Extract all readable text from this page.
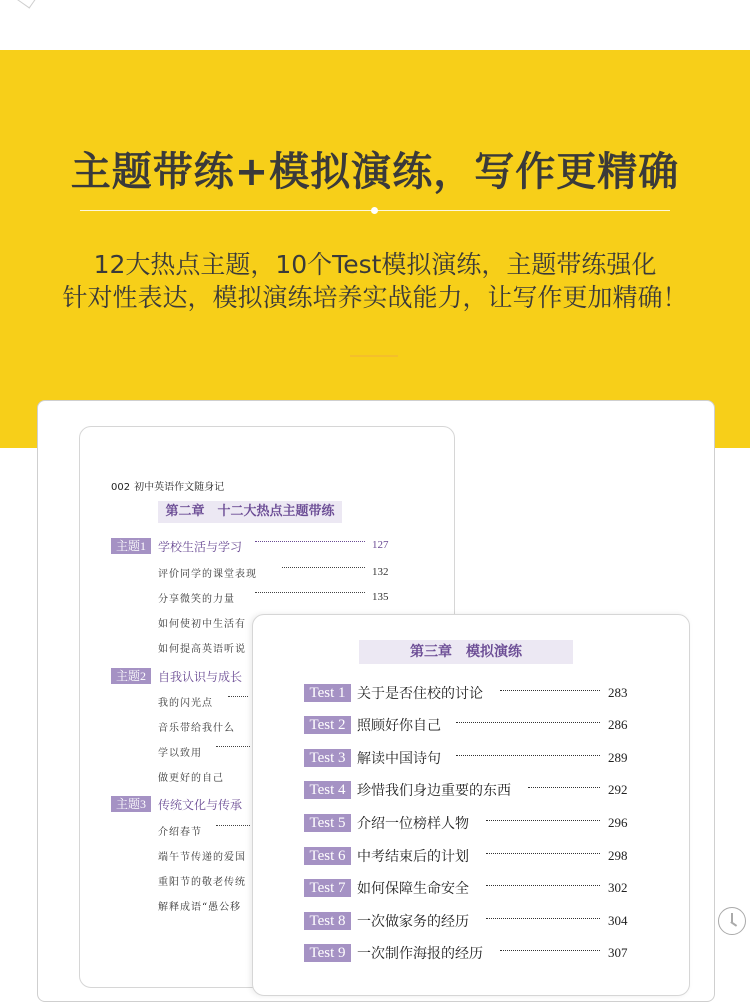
主题带练+模拟演练，写作更精确
12大热点主题，10个Test模拟演练，主题带练强化
针对性表达，模拟演练培养实战能力，让写作更加精确！
002 初中英语作文随身记
第二章　十二大热点主题带练
主题1	学校生活与学习	127
评价同学的课堂表现	132
分享微笑的力量	135
如何使初中生活有
如何提高英语听说
主题2	自我认识与成长
我的闪光点
音乐带给我什么
学以致用
做更好的自己
主题3	传统文化与传承
介绍春节
端午节传递的爱国
重阳节的敬老传统
解释成语“愚公移
第三章　模拟演练
Test 1 关于是否住校的讨论	283
Test 2 照顾好你自己	286
Test 3 解读中国诗句	289
Test 4 珍惜我们身边重要的东西	292
Test 5 介绍一位榜样人物	296
Test 6 中考结束后的计划	298
Test 7 如何保障生命安全	302
Test 8 一次做家务的经历	304
Test 9 一次制作海报的经历	307
